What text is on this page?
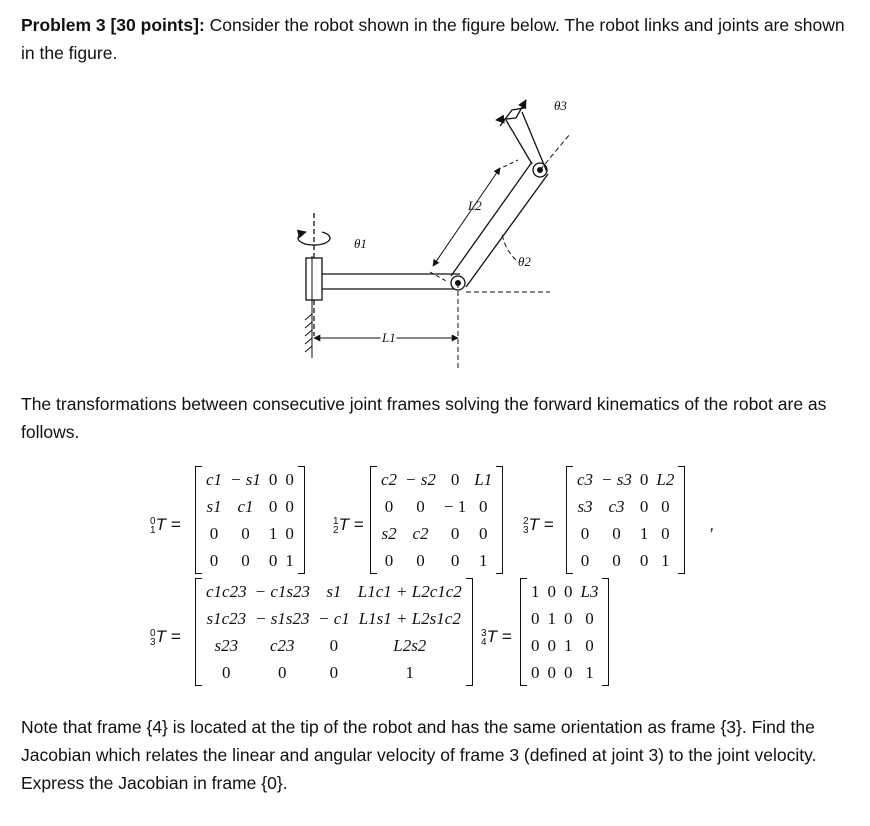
Problem 3 [30 points]: Consider the robot shown in the figure below. The robot links and joints are shown in the figure.

θ1
θ2
θ3
L2
L1

The transformations between consecutive joint frames solving the forward kinematics of the robot are as follows.

0
1T =
c1	− s1	0	0
s1	c1	0	0
0	0	1	0
0	0	0	1
1
2T =
c2	− s2	0	L1
0	0	− 1	0
s2	c2	0	0
0	0	0	1
2
3T =
c3	− s3	0	L2
s3	c3	0	0
0	0	1	0
0	0	0	1
,
0
3T =
c1c23	− c1s23	s1	L1c1 + L2c1c2
s1c23	− s1s23	− c1	L1s1 + L2s1c2
s23	c23	0	L2s2
0	0	0	1
3
4T =
1	0	0	L3
0	1	0	0
0	0	1	0
0	0	0	1

Note that frame {4} is located at the tip of the robot and has the same orientation as frame {3}. Find the Jacobian which relates the linear and angular velocity of frame 3 (defined at joint 3) to the joint velocity. Express the Jacobian in frame {0}.
